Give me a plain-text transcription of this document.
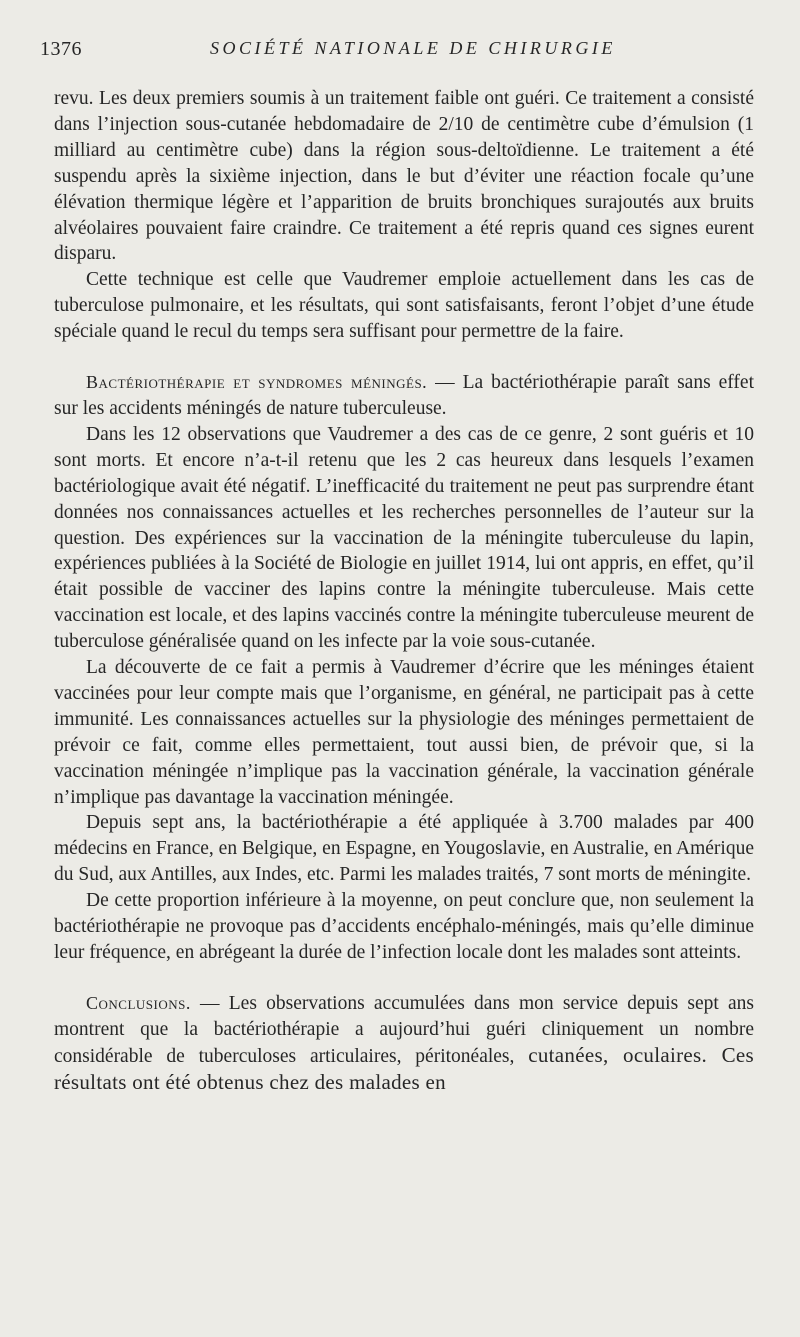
1376	SOCIÉTÉ NATIONALE DE CHIRURGIE

revu. Les deux premiers soumis à un traitement faible ont guéri. Ce traitement a consisté dans l’injection sous-cutanée hebdomadaire de 2/10 de centimètre cube d’émulsion (1 milliard au centimètre cube) dans la région sous-deltoïdienne. Le traitement a été suspendu après la sixième injection, dans le but d’éviter une réaction focale qu’une élévation thermique légère et l’apparition de bruits bronchiques surajoutés aux bruits alvéolaires pouvaient faire craindre. Ce traitement a été repris quand ces signes eurent disparu.

Cette technique est celle que Vaudremer emploie actuellement dans les cas de tuberculose pulmonaire, et les résultats, qui sont satisfaisants, feront l’objet d’une étude spéciale quand le recul du temps sera suffisant pour permettre de la faire.

Bactériothérapie et syndromes méningés. — La bactériothérapie paraît sans effet sur les accidents méningés de nature tuberculeuse.

Dans les 12 observations que Vaudremer a des cas de ce genre, 2 sont guéris et 10 sont morts. Et encore n’a-t-il retenu que les 2 cas heureux dans lesquels l’examen bactériologique avait été négatif. L’inefficacité du traitement ne peut pas surprendre étant données nos connaissances actuelles et les recherches personnelles de l’auteur sur la question. Des expériences sur la vaccination de la méningite tuberculeuse du lapin, expériences publiées à la Société de Biologie en juillet 1914, lui ont appris, en effet, qu’il était possible de vacciner des lapins contre la méningite tuberculeuse. Mais cette vaccination est locale, et des lapins vaccinés contre la méningite tuberculeuse meurent de tuberculose généralisée quand on les infecte par la voie sous-cutanée.

La découverte de ce fait a permis à Vaudremer d’écrire que les méninges étaient vaccinées pour leur compte mais que l’organisme, en général, ne participait pas à cette immunité. Les connaissances actuelles sur la physiologie des méninges permettaient de prévoir ce fait, comme elles permettaient, tout aussi bien, de prévoir que, si la vaccination méningée n’implique pas la vaccination générale, la vaccination générale n’implique pas davantage la vaccination méningée.

Depuis sept ans, la bactériothérapie a été appliquée à 3.700 malades par 400 médecins en France, en Belgique, en Espagne, en Yougoslavie, en Australie, en Amérique du Sud, aux Antilles, aux Indes, etc. Parmi les malades traités, 7 sont morts de méningite.

De cette proportion inférieure à la moyenne, on peut conclure que, non seulement la bactériothérapie ne provoque pas d’accidents encéphalo-méningés, mais qu’elle diminue leur fréquence, en abrégeant la durée de l’infection locale dont les malades sont atteints.

Conclusions. — Les observations accumulées dans mon service depuis sept ans montrent que la bactériothérapie a aujourd’hui guéri cliniquement un nombre considérable de tuberculoses articulaires, péritonéales, cutanées, oculaires. Ces résultats ont été obtenus chez des malades en
